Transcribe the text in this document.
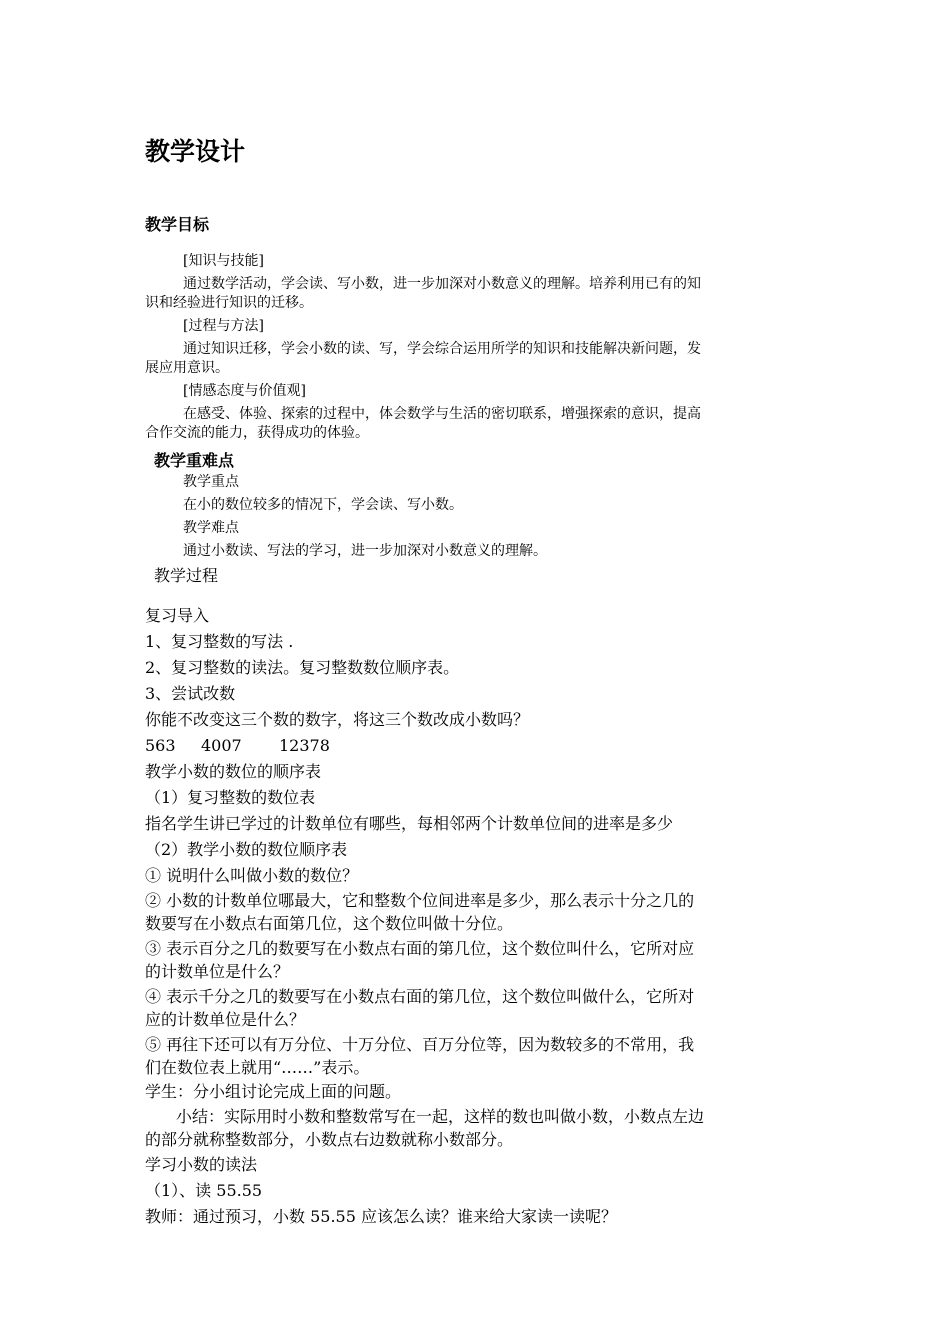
教学设计
教学目标
[知识与技能]
通过数学活动，学会读、写小数，进一步加深对小数意义的理解。培养利用已有的知
识和经验进行知识的迁移。
[过程与方法]
通过知识迁移，学会小数的读、写，学会综合运用所学的知识和技能解决新问题，发
展应用意识。
[情感态度与价值观]
在感受、体验、探索的过程中，体会数学与生活的密切联系，增强探索的意识，提高
合作交流的能力，获得成功的体验。
教学重难点
教学重点
在小的数位较多的情况下，学会读、写小数。
教学难点
通过小数读、写法的学习，进一步加深对小数意义的理解。
教学过程
复习导入
1、复习整数的写法 .
2、复习整数的读法。复习整数数位顺序表。
3、尝试改数
你能不改变这三个数的数字，将这三个数改成小数吗？
563 4007 12378
教学小数的数位的顺序表
（1）复习整数的数位表
指名学生讲已学过的计数单位有哪些，每相邻两个计数单位间的进率是多少
（2）教学小数的数位顺序表
① 说明什么叫做小数的数位？
② 小数的计数单位哪最大，它和整数个位间进率是多少，那么表示十分之几的
数要写在小数点右面第几位，这个数位叫做十分位。
③ 表示百分之几的数要写在小数点右面的第几位，这个数位叫什么，它所对应
的计数单位是什么？
④ 表示千分之几的数要写在小数点右面的第几位，这个数位叫做什么，它所对
应的计数单位是什么？
⑤ 再往下还可以有万分位、十万分位、百万分位等，因为数较多的不常用，我
们在数位表上就用“……”表示。
学生：分小组讨论完成上面的问题。
小结：实际用时小数和整数常写在一起，这样的数也叫做小数，小数点左边
的部分就称整数部分，小数点右边数就称小数部分。
学习小数的读法
（1）、读 55.55
教师：通过预习，小数 55.55 应该怎么读？谁来给大家读一读呢？
